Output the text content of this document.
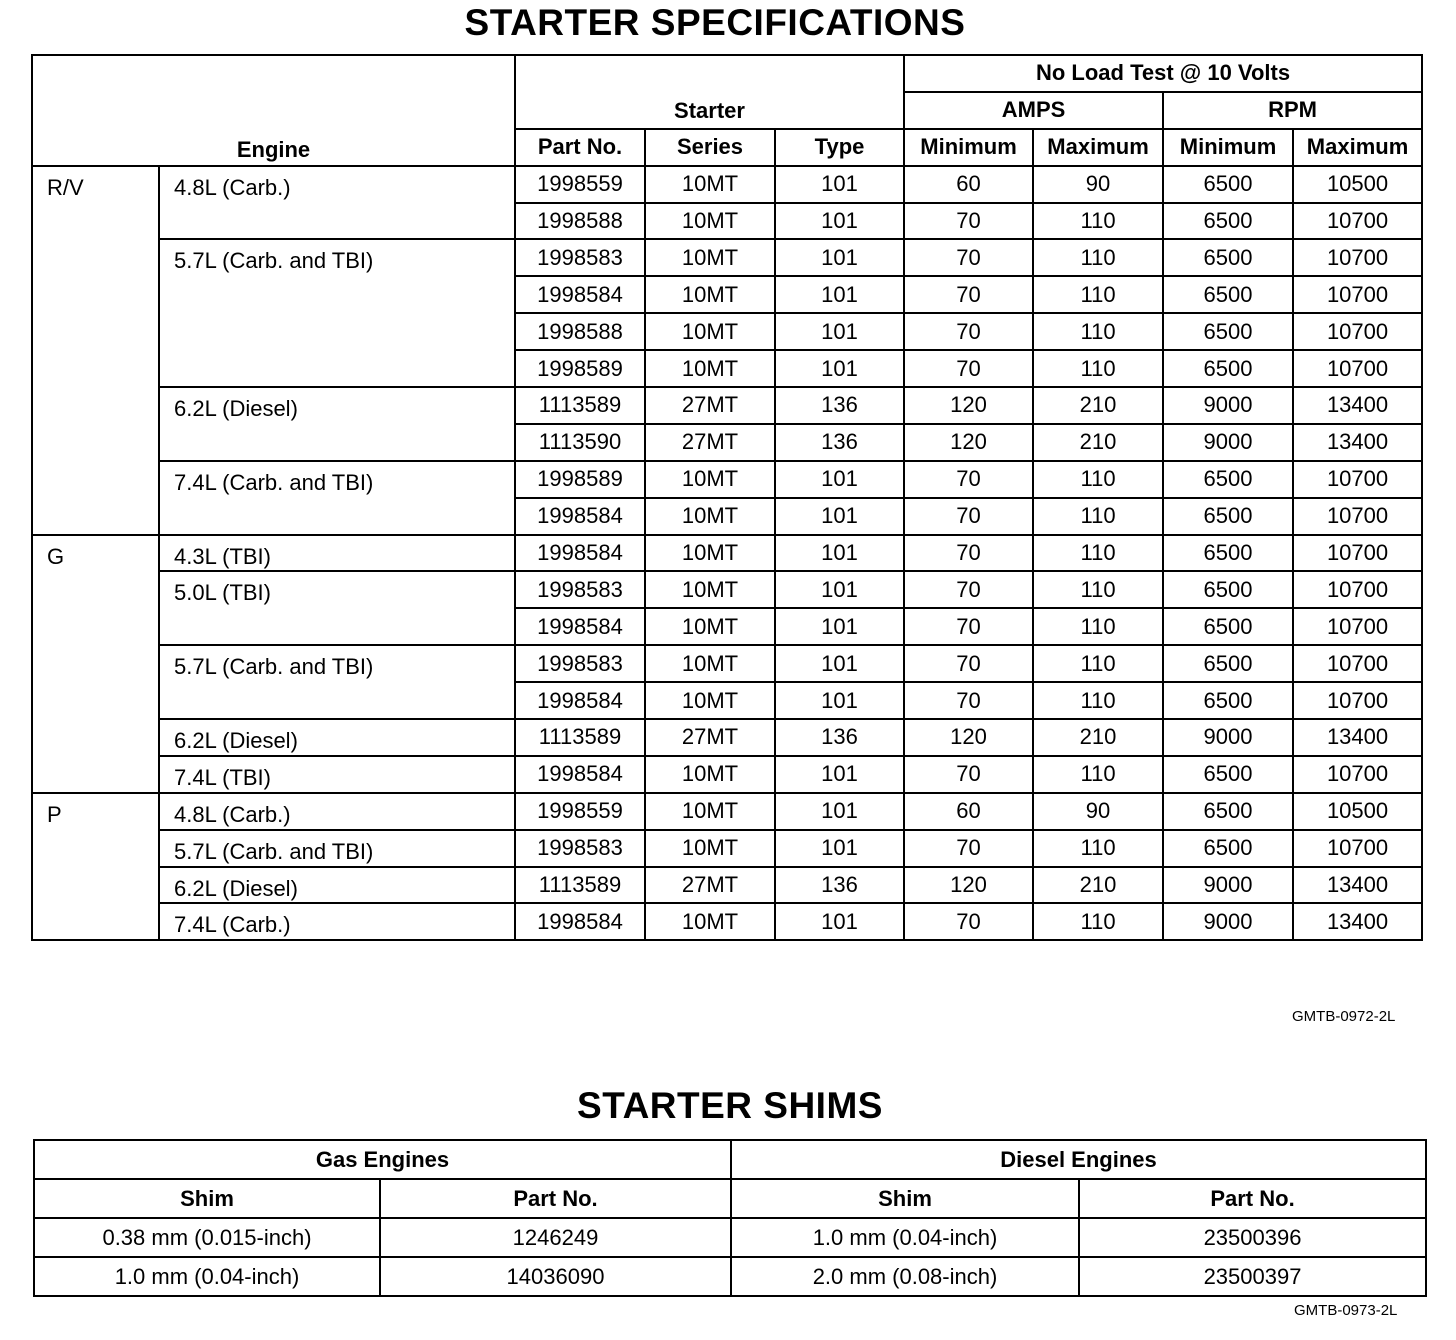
STARTER SPECIFICATIONS
Engine		Starter			No Load Test @ 10 Volts			
					AMPS		RPM	
		Part No.	Series	Type	Minimum	Maximum	Minimum	Maximum
R/V	4.8L (Carb.)	1998559	10MT	101	60	90	6500	10500
		1998588	10MT	101	70	110	6500	10700
	5.7L (Carb. and TBI)	1998583	10MT	101	70	110	6500	10700
		1998584	10MT	101	70	110	6500	10700
		1998588	10MT	101	70	110	6500	10700
		1998589	10MT	101	70	110	6500	10700
	6.2L (Diesel)	1113589	27MT	136	120	210	9000	13400
		1113590	27MT	136	120	210	9000	13400
	7.4L (Carb. and TBI)	1998589	10MT	101	70	110	6500	10700
		1998584	10MT	101	70	110	6500	10700
G	4.3L (TBI)	1998584	10MT	101	70	110	6500	10700
	5.0L (TBI)	1998583	10MT	101	70	110	6500	10700
		1998584	10MT	101	70	110	6500	10700
	5.7L (Carb. and TBI)	1998583	10MT	101	70	110	6500	10700
		1998584	10MT	101	70	110	6500	10700
	6.2L (Diesel)	1113589	27MT	136	120	210	9000	13400
	7.4L (TBI)	1998584	10MT	101	70	110	6500	10700
P	4.8L (Carb.)	1998559	10MT	101	60	90	6500	10500
	5.7L (Carb. and TBI)	1998583	10MT	101	70	110	6500	10700
	6.2L (Diesel)	1113589	27MT	136	120	210	9000	13400
	7.4L (Carb.)	1998584	10MT	101	70	110	9000	13400
GMTB-0972-2L
STARTER SHIMS
Gas Engines		Diesel Engines	
Shim	Part No.	Shim	Part No.
0.38 mm (0.015-inch)	1246249	1.0 mm (0.04-inch)	23500396
1.0 mm (0.04-inch)	14036090	2.0 mm (0.08-inch)	23500397
GMTB-0973-2L
